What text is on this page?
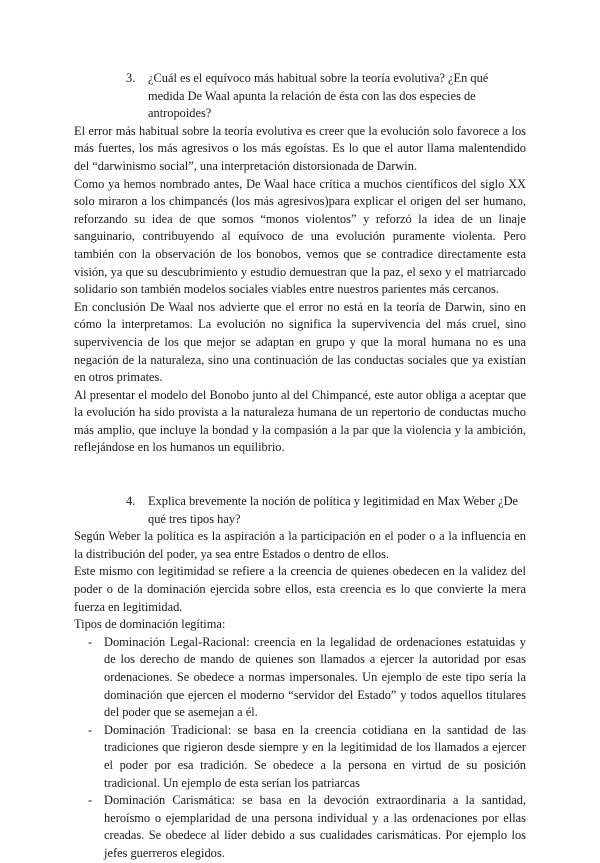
3.	¿Cuál es el equívoco más habitual sobre la teoría evolutiva? ¿En qué medida De Waal apunta la relación de ésta con las dos especies de antropoides?

El error más habitual sobre la teoría evolutiva es creer que la evolución solo favorece a los más fuertes, los más agresivos o los más egoístas. Es lo que el autor llama malentendido del “darwinismo social”, una interpretación distorsionada de Darwin.

Como ya hemos nombrado antes, De Waal hace crítica a muchos científicos del siglo XX solo miraron a los chimpancés (los más agresivos)para explicar el origen del ser humano, reforzando su idea de que somos “monos violentos” y reforzó la idea de un linaje sanguinario, contribuyendo al equívoco de una evolución puramente violenta. Pero también con la observación de los bonobos, vemos que se contradice directamente esta visión, ya que su descubrimiento y estudio demuestran que la paz, el sexo y el matriarcado solidario son también modelos sociales viables entre nuestros parientes más cercanos.

En conclusión De Waal nos advierte que el error no está en la teoría de Darwin, sino en cómo la interpretamos. La evolución no significa la supervivencia del más cruel, sino supervivencia de los que mejor se adaptan en grupo y que la moral humana no es una negación de la naturaleza, sino una continuación de las conductas sociales que ya existían en otros primates.

Al presentar el modelo del Bonobo junto al del Chimpancé, este autor obliga a aceptar que la evolución ha sido provista a la naturaleza humana de un repertorio de conductas mucho más amplio, que incluye la bondad y la compasión a la par que la violencia y la ambición, reflejándose en los humanos un equilibrio.

4.	Explica brevemente la noción de política y legitimidad en Max Weber ¿De qué tres tipos hay?

Según Weber la política es la aspiración a la participación en el poder o a la influencia en la distribución del poder, ya sea entre Estados o dentro de ellos.

Este mismo con legitimidad se refiere a la creencia de quienes obedecen en la validez del poder o de la dominación ejercida sobre ellos, esta creencia es lo que convierte la mera fuerza en legitimidad.

Tipos de dominación legítima:

- Dominación Legal-Racional: creencia en la legalidad de ordenaciones estatuidas y de los derecho de mando de quienes son llamados a ejercer la autoridad por esas ordenaciones. Se obedece a normas impersonales. Un ejemplo de este tipo sería la dominación que ejercen el moderno “servidor del Estado” y todos aquellos titulares del poder que se asemejan a él.
- Dominación Tradicional: se basa en la creencia cotidiana en la santidad de las tradiciones que rigieron desde siempre y en la legitimidad de los llamados a ejercer el poder por esa tradición. Se obedece a la persona en virtud de su posición tradicional. Un ejemplo de esta serían los patriarcas
- Dominación Carismática: se basa en la devoción extraordinaria a la santidad, heroísmo o ejemplaridad de una persona individual y a las ordenaciones por ellas creadas. Se obedece al líder debido a sus cualidades carismáticas. Por ejemplo los jefes guerreros elegidos.
